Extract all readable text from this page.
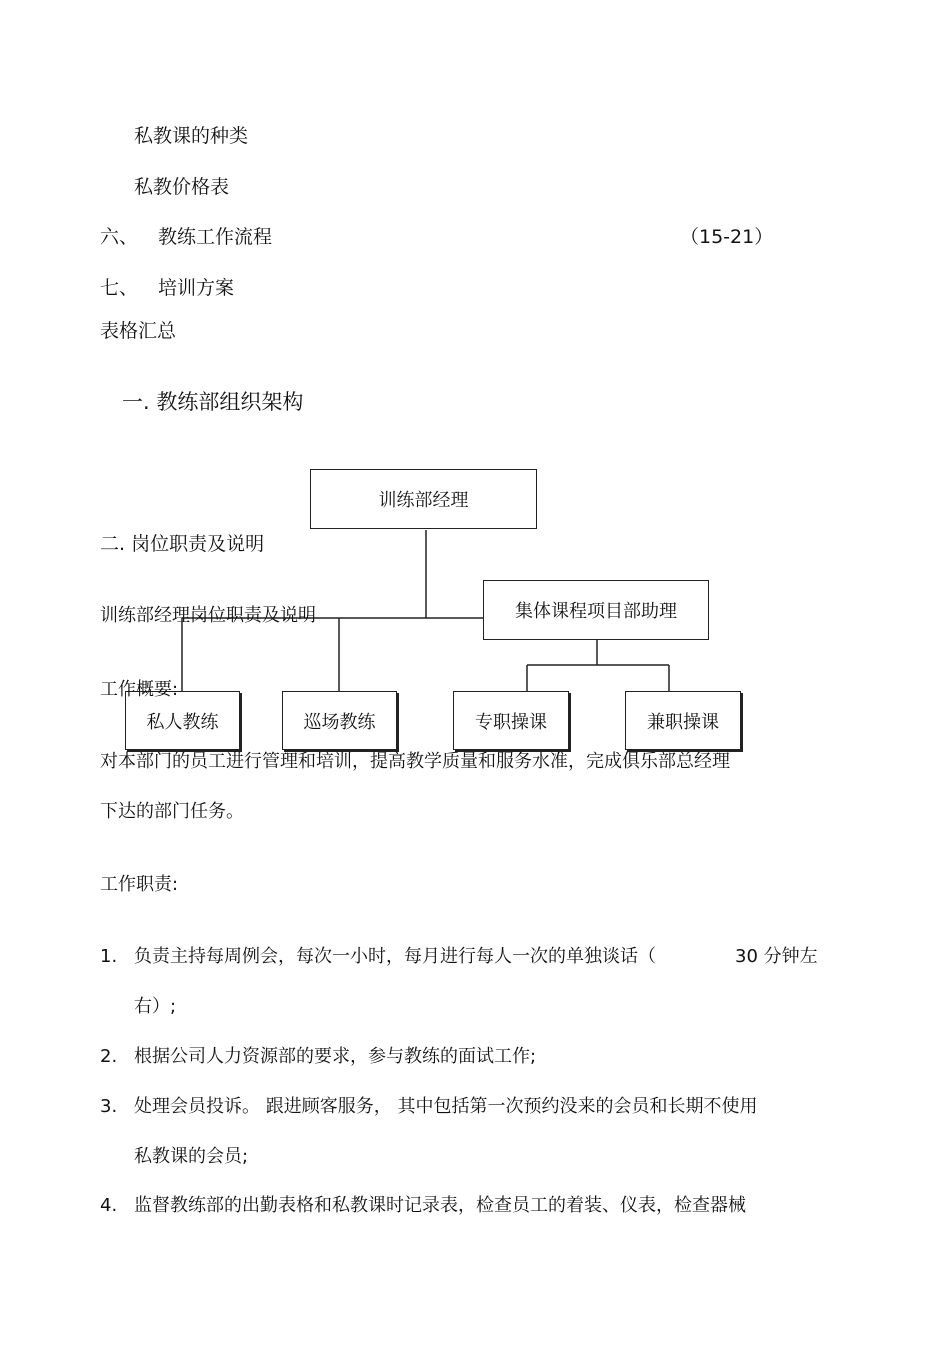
私教课的种类
私教价格表
六、 教练工作流程	（15-21）
七、 培训方案
表格汇总
一. 教练部组织架构
训练部经理
集体课程项目部助理
私人教练	巡场教练	专职操课	兼职操课
二. 岗位职责及说明
训练部经理岗位职责及说明
工作概要:
对本部门的员工进行管理和培训，提高教学质量和服务水准，完成俱乐部总经理
下达的部门任务。
工作职责:
1. 负责主持每周例会，每次一小时，每月进行每人一次的单独谈话（	30 分钟左
右）;
2. 根据公司人力资源部的要求，参与教练的面试工作;
3. 处理会员投诉。 跟进顾客服务， 其中包括第一次预约没来的会员和长期不使用
私教课的会员;
4. 监督教练部的出勤表格和私教课时记录表，检查员工的着装、仪表，检查器械
